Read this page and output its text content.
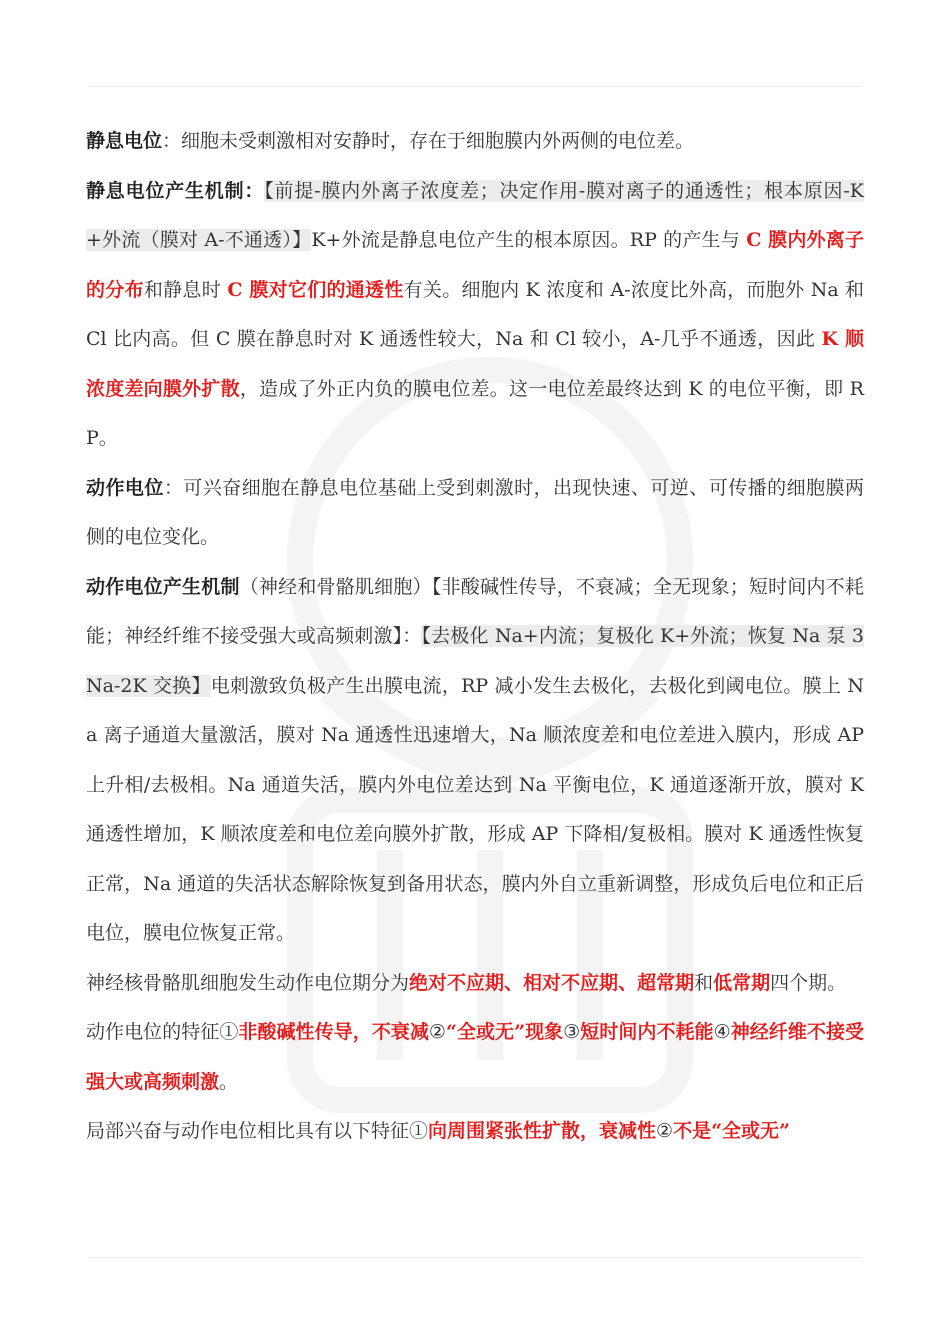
静息电位：细胞未受刺激相对安静时，存在于细胞膜内外两侧的电位差。

静息电位产生机制：【前提-膜内外离子浓度差；决定作用-膜对离子的通透性；根本原因-K+外流（膜对 A-不通透）】K+外流是静息电位产生的根本原因。RP 的产生与 C 膜内外离子的分布和静息时 C 膜对它们的通透性有关。细胞内 K 浓度和 A-浓度比外高，而胞外 Na 和 Cl 比内高。但 C 膜在静息时对 K 通透性较大，Na 和 Cl 较小，A-几乎不通透，因此 K 顺浓度差向膜外扩散，造成了外正内负的膜电位差。这一电位差最终达到 K 的电位平衡，即 RP。

动作电位：可兴奋细胞在静息电位基础上受到刺激时，出现快速、可逆、可传播的细胞膜两侧的电位变化。

动作电位产生机制（神经和骨骼肌细胞）【非酸碱性传导，不衰减；全无现象；短时间内不耗能；神经纤维不接受强大或高频刺激】：【去极化 Na+内流；复极化 K+外流；恢复 Na 泵 3Na-2K 交换】电刺激致负极产生出膜电流，RP 减小发生去极化，去极化到阈电位。膜上 Na 离子通道大量激活，膜对 Na 通透性迅速增大，Na 顺浓度差和电位差进入膜内，形成 AP 上升相/去极相。Na 通道失活，膜内外电位差达到 Na 平衡电位，K 通道逐渐开放，膜对 K 通透性增加，K 顺浓度差和电位差向膜外扩散，形成 AP 下降相/复极相。膜对 K 通透性恢复正常，Na 通道的失活状态解除恢复到备用状态，膜内外自立重新调整，形成负后电位和正后电位，膜电位恢复正常。

神经核骨骼肌细胞发生动作电位期分为绝对不应期、相对不应期、超常期和低常期四个期。

动作电位的特征①非酸碱性传导，不衰减②“全或无”现象③短时间内不耗能④神经纤维不接受强大或高频刺激。

局部兴奋与动作电位相比具有以下特征①向周围紧张性扩散，衰减性②不是“全或无”
